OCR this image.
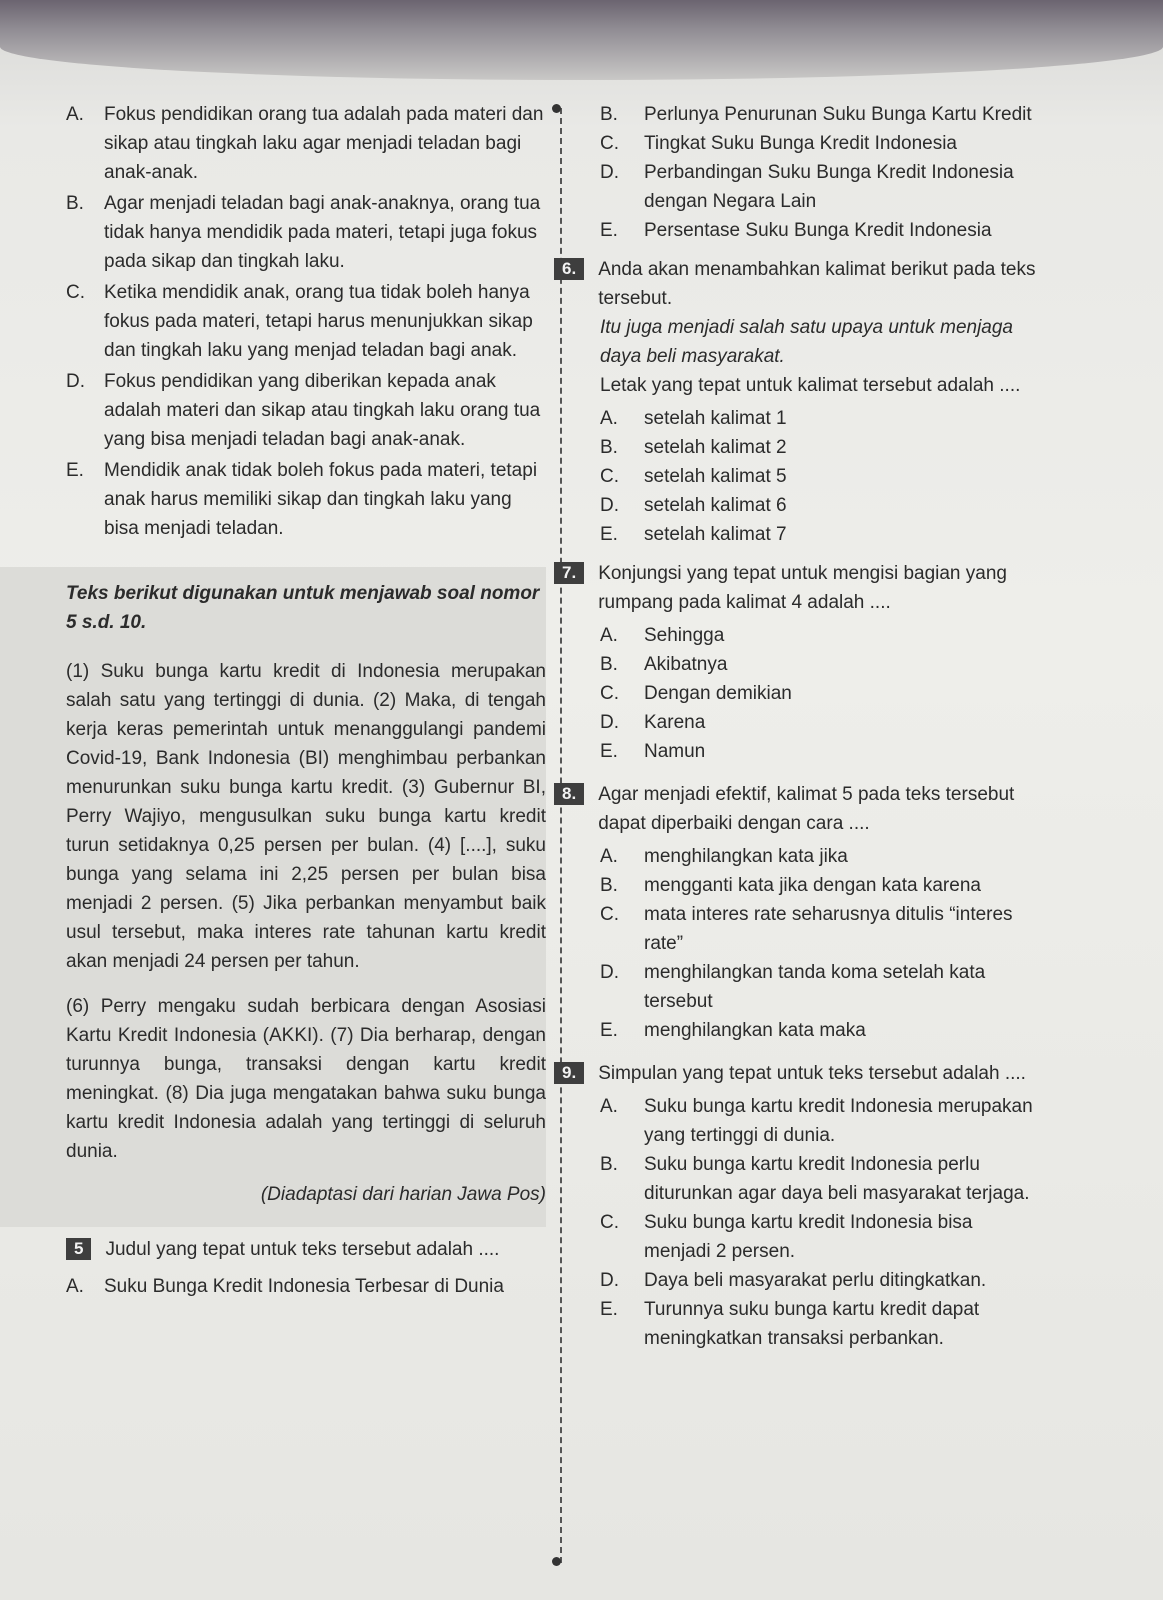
A.	Fokus pendidikan orang tua adalah pada materi dan sikap atau tingkah laku agar menjadi teladan bagi anak-anak.
B.	Agar menjadi teladan bagi anak-anaknya, orang tua tidak hanya mendidik pada materi, tetapi juga fokus pada sikap dan tingkah laku.
C.	Ketika mendidik anak, orang tua tidak boleh hanya fokus pada materi, tetapi harus menunjukkan sikap dan tingkah laku yang menjad teladan bagi anak.
D.	Fokus pendidikan yang diberikan kepada anak adalah materi dan sikap atau tingkah laku orang tua yang bisa menjadi teladan bagi anak-anak.
E.	Mendidik anak tidak boleh fokus pada materi, tetapi anak harus memiliki sikap dan tingkah laku yang bisa menjadi teladan.
Teks berikut digunakan untuk menjawab soal nomor 5 s.d. 10.

(1) Suku bunga kartu kredit di Indonesia merupakan salah satu yang tertinggi di dunia. (2) Maka, di tengah kerja keras pemerintah untuk menanggulangi pandemi Covid-19, Bank Indonesia (BI) menghimbau perbankan menurunkan suku bunga kartu kredit. (3) Gubernur BI, Perry Wajiyo, mengusulkan suku bunga kartu kredit turun setidaknya 0,25 persen per bulan. (4) [....], suku bunga yang selama ini 2,25 persen per bulan bisa menjadi 2 persen. (5) Jika perbankan menyambut baik usul tersebut, maka interes rate tahunan kartu kredit akan menjadi 24 persen per tahun.

(6) Perry mengaku sudah berbicara dengan Asosiasi Kartu Kredit Indonesia (AKKI). (7) Dia berharap, dengan turunnya bunga, transaksi dengan kartu kredit meningkat. (8) Dia juga mengatakan bahwa suku bunga kartu kredit Indonesia adalah yang tertinggi di seluruh dunia.

(Diadaptasi dari harian Jawa Pos)
5	Judul yang tepat untuk teks tersebut adalah ....
A.	Suku Bunga Kredit Indonesia Terbesar di Dunia
B.	Perlunya Penurunan Suku Bunga Kartu Kredit
C.	Tingkat Suku Bunga Kredit Indonesia
D.	Perbandingan Suku Bunga Kredit Indonesia dengan Negara Lain
E.	Persentase Suku Bunga Kredit Indonesia
6.	Anda akan menambahkan kalimat berikut pada teks tersebut.
Itu juga menjadi salah satu upaya untuk menjaga daya beli masyarakat.
Letak yang tepat untuk kalimat tersebut adalah ....
A.	setelah kalimat 1
B.	setelah kalimat 2
C.	setelah kalimat 5
D.	setelah kalimat 6
E.	setelah kalimat 7
7.	Konjungsi yang tepat untuk mengisi bagian yang rumpang pada kalimat 4 adalah ....
A.	Sehingga
B.	Akibatnya
C.	Dengan demikian
D.	Karena
E.	Namun
8.	Agar menjadi efektif, kalimat 5 pada teks tersebut dapat diperbaiki dengan cara ....
A.	menghilangkan kata jika
B.	mengganti kata jika dengan kata karena
C.	mata interes rate seharusnya ditulis “interes rate”
D.	menghilangkan tanda koma setelah kata tersebut
E.	menghilangkan kata maka
9.	Simpulan yang tepat untuk teks tersebut adalah ....
A.	Suku bunga kartu kredit Indonesia merupakan yang tertinggi di dunia.
B.	Suku bunga kartu kredit Indonesia perlu diturunkan agar daya beli masyarakat terjaga.
C.	Suku bunga kartu kredit Indonesia bisa menjadi 2 persen.
D.	Daya beli masyarakat perlu ditingkatkan.
E.	Turunnya suku bunga kartu kredit dapat meningkatkan transaksi perbankan.
